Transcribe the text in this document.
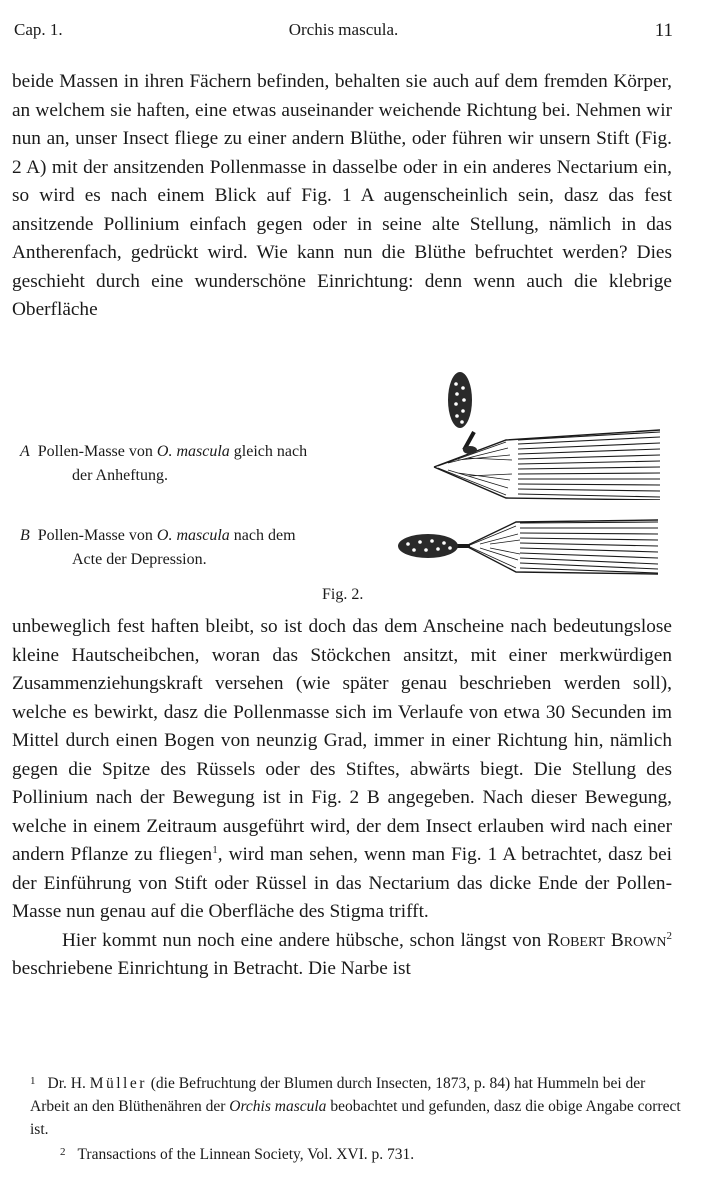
Cap. 1.	Orchis mascula.	11

beide Massen in ihren Fächern befinden, behalten sie auch auf dem fremden Körper, an welchem sie haften, eine etwas auseinander weichende Richtung bei. Nehmen wir nun an, unser Insect fliege zu einer andern Blüthe, oder führen wir unsern Stift (Fig. 2 A) mit der ansitzenden Pollenmasse in dasselbe oder in ein anderes Nectarium ein, so wird es nach einem Blick auf Fig. 1 A augenscheinlich sein, dasz das fest ansitzende Pollinium einfach gegen oder in seine alte Stellung, nämlich in das Antherenfach, gedrückt wird. Wie kann nun die Blüthe befruchtet werden? Dies geschieht durch eine wunderschöne Einrichtung: denn wenn auch die klebrige Oberfläche

A Pollen-Masse von O. mascula gleich nach
der Anheftung.
B Pollen-Masse von O. mascula nach dem
Acte der Depression.
Fig. 2.

unbeweglich fest haften bleibt, so ist doch das dem Anscheine nach bedeutungslose kleine Hautscheibchen, woran das Stöckchen ansitzt, mit einer merkwürdigen Zusammenziehungskraft versehen (wie später genau beschrieben werden soll), welche es bewirkt, dasz die Pollenmasse sich im Verlaufe von etwa 30 Secunden im Mittel durch einen Bogen von neunzig Grad, immer in einer Richtung hin, nämlich gegen die Spitze des Rüssels oder des Stiftes, abwärts biegt. Die Stellung des Pollinium nach der Bewegung ist in Fig. 2 B angegeben. Nach dieser Bewegung, welche in einem Zeitraum ausgeführt wird, der dem Insect erlauben wird nach einer andern Pflanze zu fliegen$^1$, wird man sehen, wenn man Fig. 1 A betrachtet, dasz bei der Einführung von Stift oder Rüssel in das Nectarium das dicke Ende der Pollen-Masse nun genau auf die Oberfläche des Stigma trifft.

Hier kommt nun noch eine andere hübsche, schon längst von Robert Brown$^2$ beschriebene Einrichtung in Betracht. Die Narbe ist

$^1$ Dr. H. Müller (die Befruchtung der Blumen durch Insecten, 1873, p. 84) hat Hummeln bei der Arbeit an den Blüthenähren der Orchis mascula beobachtet und gefunden, dasz die obige Angabe correct ist.

$^2$ Transactions of the Linnean Society, Vol. XVI. p. 731.
